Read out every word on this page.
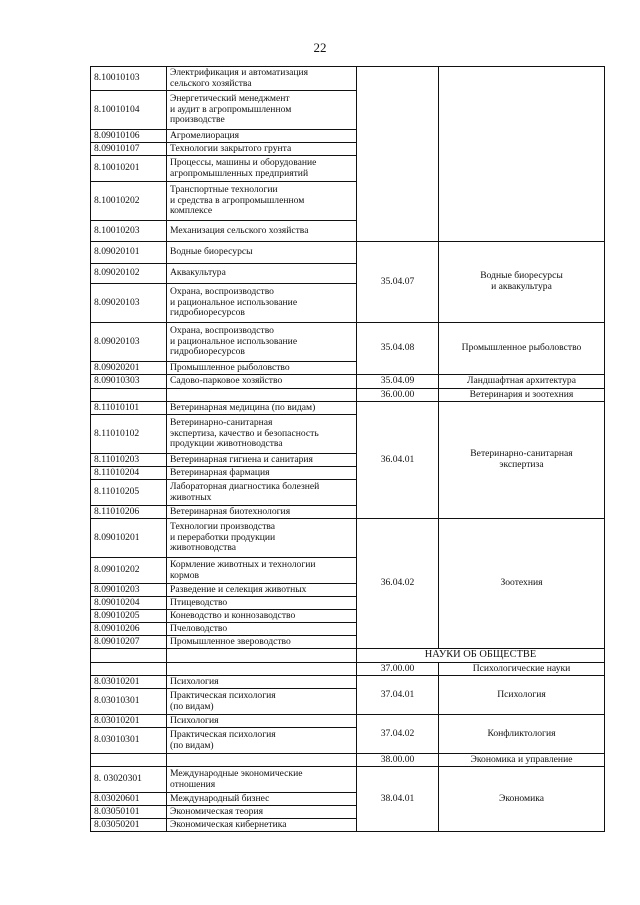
22
8.10010103	Электрификация и автоматизация
сельского хозяйства		
8.10010104	Энергетический менеджмент
и аудит в агропромышленном
производстве		
8.09010106	Агромелиорация		
8.09010107	Технологии закрытого грунта		
8.10010201	Процессы, машины и оборудование
агропромышленных предприятий		
8.10010202	Транспортные технологии
и средства в агропромышленном
комплексе		
8.10010203	Механизация сельского хозяйства		
8.09020101	Водные биоресурсы	35.04.07	Водные биоресурсы
и аквакультура
8.09020102	Аквакультура		
8.09020103	Охрана, воспроизводство
и рациональное использование
гидробиоресурсов		
8.09020103	Охрана, воспроизводство
и рациональное использование
гидробиоресурсов	35.04.08	Промышленное рыболовство
8.09020201	Промышленное рыболовство		
8.09010303	Садово-парковое хозяйство	35.04.09	Ландшафтная архитектура
		36.00.00	Ветеринария и зоотехния
8.11010101	Ветеринарная медицина (по видам)	36.04.01	Ветеринарно-санитарная
экспертиза
8.11010102	Ветеринарно-санитарная
экспертиза, качество и безопасность
продукции животноводства		
8.11010203	Ветеринарная гигиена и санитария		
8.11010204	Ветеринарная фармация		
8.11010205	Лабораторная диагностика болезней
животных		
8.11010206	Ветеринарная биотехнология		
8.09010201	Технологии производства
и переработки продукции
животноводства	36.04.02	Зоотехния
8.09010202	Кормление животных и технологии
кормов		
8.09010203	Разведение и селекция животных		
8.09010204	Птицеводство		
8.09010205	Коневодство и коннозаводство		
8.09010206	Пчеловодство		
8.09010207	Промышленное звероводство		
		НАУКИ ОБ ОБЩЕСТВЕ	
		37.00.00	Психологические науки
8.03010201	Психология	37.04.01	Психология
8.03010301	Практическая психология
(по видам)		
8.03010201	Психология	37.04.02	Конфликтология
8.03010301	Практическая психология
(по видам)		
		38.00.00	Экономика и управление
8. 03020301	Международные экономические
отношения	38.04.01	Экономика
8.03020601	Международный бизнес		
8.03050101	Экономическая теория		
8.03050201	Экономическая кибернетика		
